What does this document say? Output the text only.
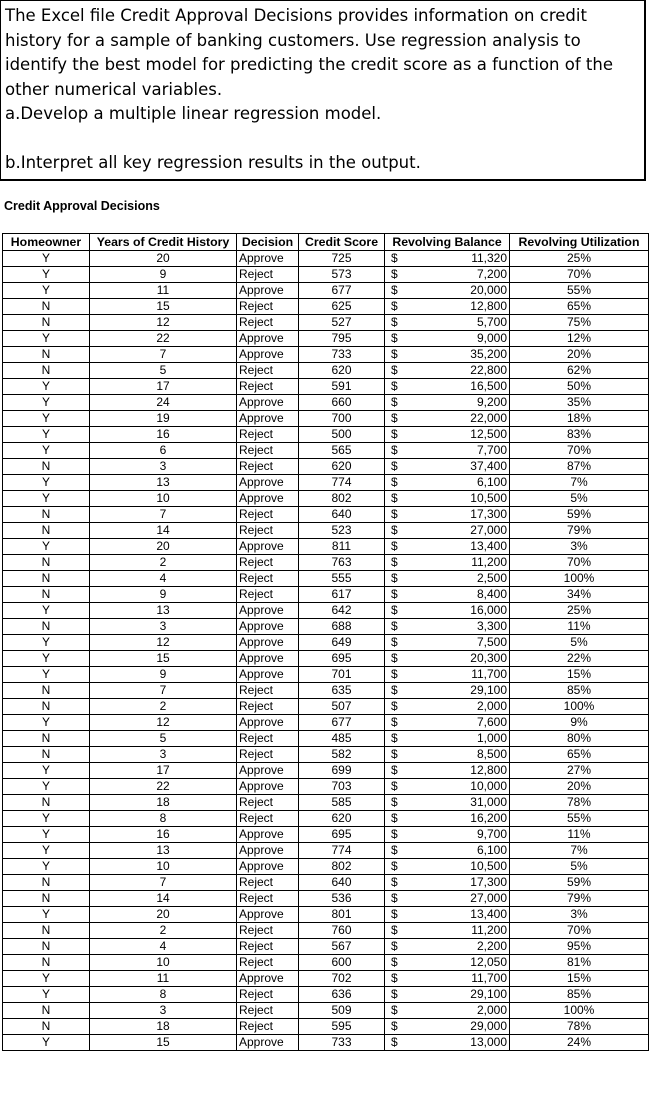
The Excel file Credit Approval Decisions provides information on credit history for a sample of banking customers. Use regression analysis to identify the best model for predicting the credit score as a function of the other numerical variables.

a.Develop a multiple linear regression model.

b.Interpret all key regression results in the output.

Credit Approval Decisions

Homeowner	Years of Credit History	Decision	Credit Score	Revolving Balance	Revolving Utilization
Y	20	Approve	725	$ 11,320	25%
Y	9	Reject	573	$ 7,200	70%
Y	11	Approve	677	$ 20,000	55%
N	15	Reject	625	$ 12,800	65%
N	12	Reject	527	$ 5,700	75%
Y	22	Approve	795	$ 9,000	12%
N	7	Approve	733	$ 35,200	20%
N	5	Reject	620	$ 22,800	62%
Y	17	Reject	591	$ 16,500	50%
Y	24	Approve	660	$ 9,200	35%
Y	19	Approve	700	$ 22,000	18%
Y	16	Reject	500	$ 12,500	83%
Y	6	Reject	565	$ 7,700	70%
N	3	Reject	620	$ 37,400	87%
Y	13	Approve	774	$ 6,100	7%
Y	10	Approve	802	$ 10,500	5%
N	7	Reject	640	$ 17,300	59%
N	14	Reject	523	$ 27,000	79%
Y	20	Approve	811	$ 13,400	3%
N	2	Reject	763	$ 11,200	70%
N	4	Reject	555	$ 2,500	100%
N	9	Reject	617	$ 8,400	34%
Y	13	Approve	642	$ 16,000	25%
N	3	Approve	688	$ 3,300	11%
Y	12	Approve	649	$ 7,500	5%
Y	15	Approve	695	$ 20,300	22%
Y	9	Approve	701	$ 11,700	15%
N	7	Reject	635	$ 29,100	85%
N	2	Reject	507	$ 2,000	100%
Y	12	Approve	677	$ 7,600	9%
N	5	Reject	485	$ 1,000	80%
N	3	Reject	582	$ 8,500	65%
Y	17	Approve	699	$ 12,800	27%
Y	22	Approve	703	$ 10,000	20%
N	18	Reject	585	$ 31,000	78%
Y	8	Reject	620	$ 16,200	55%
Y	16	Approve	695	$ 9,700	11%
Y	13	Approve	774	$ 6,100	7%
Y	10	Approve	802	$ 10,500	5%
N	7	Reject	640	$ 17,300	59%
N	14	Reject	536	$ 27,000	79%
Y	20	Approve	801	$ 13,400	3%
N	2	Reject	760	$ 11,200	70%
N	4	Reject	567	$ 2,200	95%
N	10	Reject	600	$ 12,050	81%
Y	11	Approve	702	$ 11,700	15%
Y	8	Reject	636	$ 29,100	85%
N	3	Reject	509	$ 2,000	100%
N	18	Reject	595	$ 29,000	78%
Y	15	Approve	733	$ 13,000	24%
